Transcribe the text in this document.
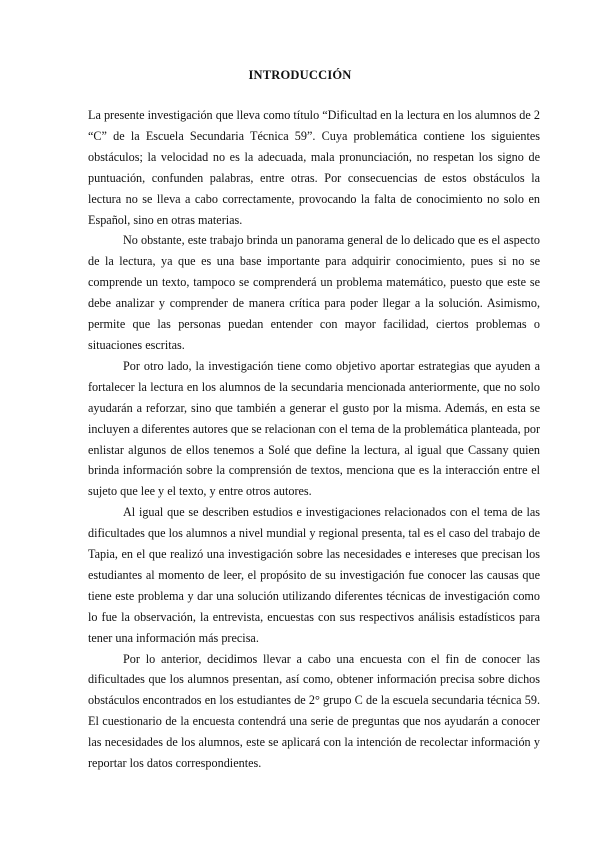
INTRODUCCIÓN

La presente investigación que lleva como título “Dificultad en la lectura en los alumnos de 2 “C” de la Escuela Secundaria Técnica 59”. Cuya problemática contiene los siguientes obstáculos; la velocidad no es la adecuada, mala pronunciación, no respetan los signo de puntuación, confunden palabras, entre otras. Por consecuencias de estos obstáculos la lectura no se lleva a cabo correctamente, provocando la falta de conocimiento no solo en Español, sino en otras materias.

No obstante, este trabajo brinda un panorama general de lo delicado que es el aspecto de la lectura, ya que es una base importante para adquirir conocimiento, pues si no se comprende un texto, tampoco se comprenderá un problema matemático, puesto que este se debe analizar y comprender de manera crítica para poder llegar a la solución. Asimismo, permite que las personas puedan entender con mayor facilidad, ciertos problemas o situaciones escritas.

Por otro lado, la investigación tiene como objetivo aportar estrategias que ayuden a fortalecer la lectura en los alumnos de la secundaria mencionada anteriormente, que no solo ayudarán a reforzar, sino que también a generar el gusto por la misma. Además, en esta se incluyen a diferentes autores que se relacionan con el tema de la problemática planteada, por enlistar algunos de ellos tenemos a Solé que define la lectura, al igual que Cassany quien brinda información sobre la comprensión de textos, menciona que es la interacción entre el sujeto que lee y el texto, y entre otros autores.

Al igual que se describen estudios e investigaciones relacionados con el tema de las dificultades que los alumnos a nivel mundial y regional presenta, tal es el caso del trabajo de Tapia, en el que realizó una investigación sobre las necesidades e intereses que precisan los estudiantes al momento de leer, el propósito de su investigación fue conocer las causas que tiene este problema y dar una solución utilizando diferentes técnicas de investigación como lo fue la observación, la entrevista, encuestas con sus respectivos análisis estadísticos para tener una información más precisa.

Por lo anterior, decidimos llevar a cabo una encuesta con el fin de conocer las dificultades que los alumnos presentan, así como, obtener información precisa sobre dichos obstáculos encontrados en los estudiantes de 2° grupo C de la escuela secundaria técnica 59. El cuestionario de la encuesta contendrá una serie de preguntas que nos ayudarán a conocer las necesidades de los alumnos, este se aplicará con la intención de recolectar información y reportar los datos correspondientes.
